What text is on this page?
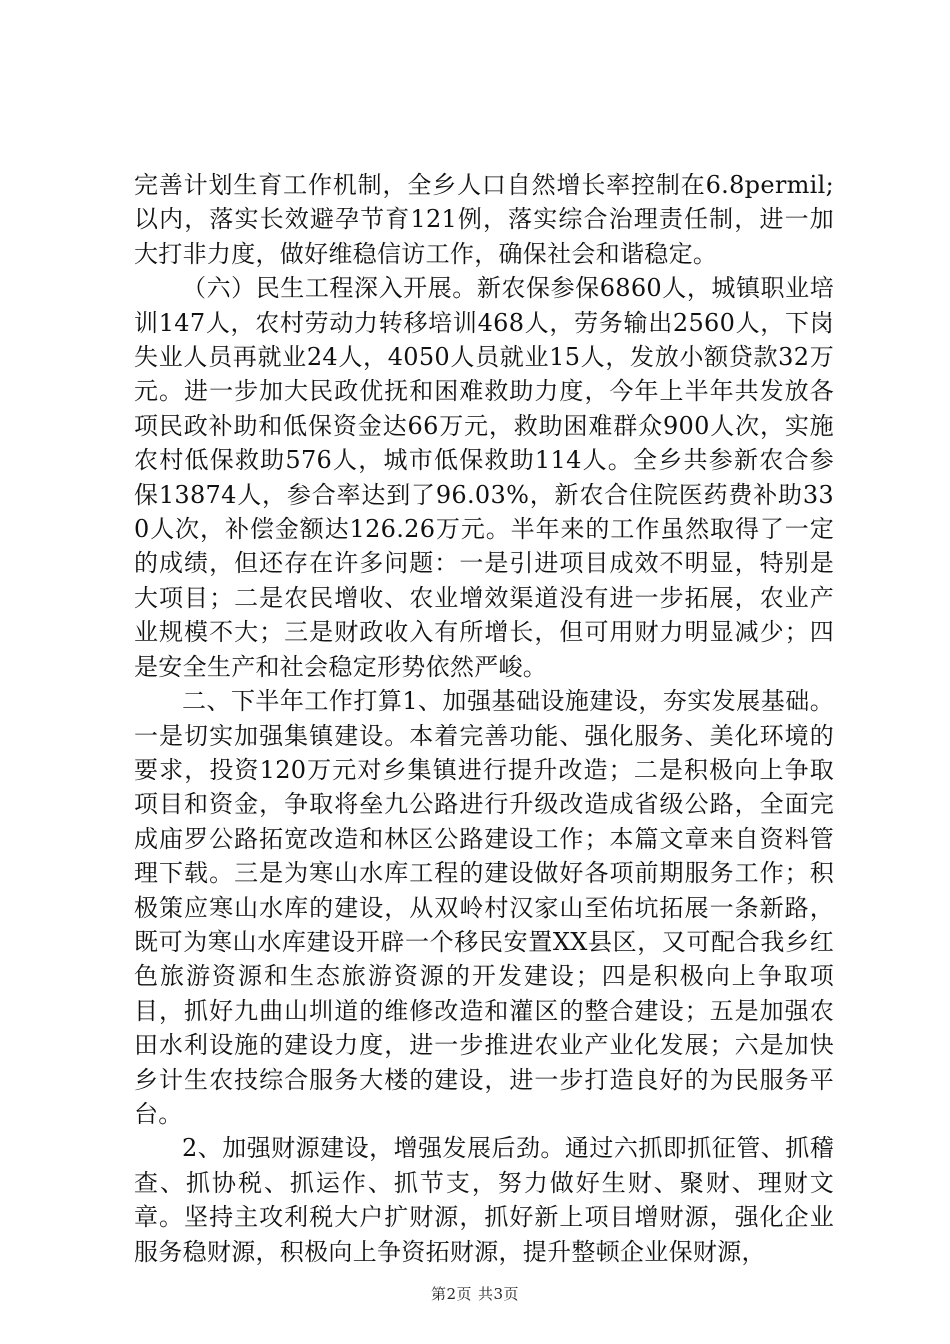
完善计划生育工作机制，全乡人口自然增长率控制在6.8permil;以内，落实长效避孕节育121例，落实综合治理责任制，进一加大打非力度，做好维稳信访工作，确保社会和谐稳定。

（六）民生工程深入开展。新农保参保6860人，城镇职业培训147人，农村劳动力转移培训468人，劳务输出2560人，下岗失业人员再就业24人，4050人员就业15人，发放小额贷款32万元。进一步加大民政优抚和困难救助力度，今年上半年共发放各项民政补助和低保资金达66万元，救助困难群众900人次，实施农村低保救助576人，城市低保救助114人。全乡共参新农合参保13874人，参合率达到了96.03%，新农合住院医药费补助330人次，补偿金额达126.26万元。半年来的工作虽然取得了一定的成绩，但还存在许多问题：一是引进项目成效不明显，特别是大项目；二是农民增收、农业增效渠道没有进一步拓展，农业产业规模不大；三是财政收入有所增长，但可用财力明显减少；四是安全生产和社会稳定形势依然严峻。

二、下半年工作打算1、加强基础设施建设，夯实发展基础。一是切实加强集镇建设。本着完善功能、强化服务、美化环境的要求，投资120万元对乡集镇进行提升改造；二是积极向上争取项目和资金，争取将垒九公路进行升级改造成省级公路，全面完成庙罗公路拓宽改造和林区公路建设工作；本篇文章来自资料管理下载。三是为寒山水库工程的建设做好各项前期服务工作；积极策应寒山水库的建设，从双岭村汉家山至佑坑拓展一条新路，既可为寒山水库建设开辟一个移民安置XX县区，又可配合我乡红色旅游资源和生态旅游资源的开发建设；四是积极向上争取项目，抓好九曲山圳道的维修改造和灌区的整合建设；五是加强农田水利设施的建设力度，进一步推进农业产业化发展；六是加快乡计生农技综合服务大楼的建设，进一步打造良好的为民服务平台。

2、加强财源建设，增强发展后劲。通过六抓即抓征管、抓稽查、抓协税、抓运作、抓节支，努力做好生财、聚财、理财文章。坚持主攻利税大户扩财源，抓好新上项目增财源，强化企业服务稳财源，积极向上争资拓财源，提升整顿企业保财源，

第2页 共3页
